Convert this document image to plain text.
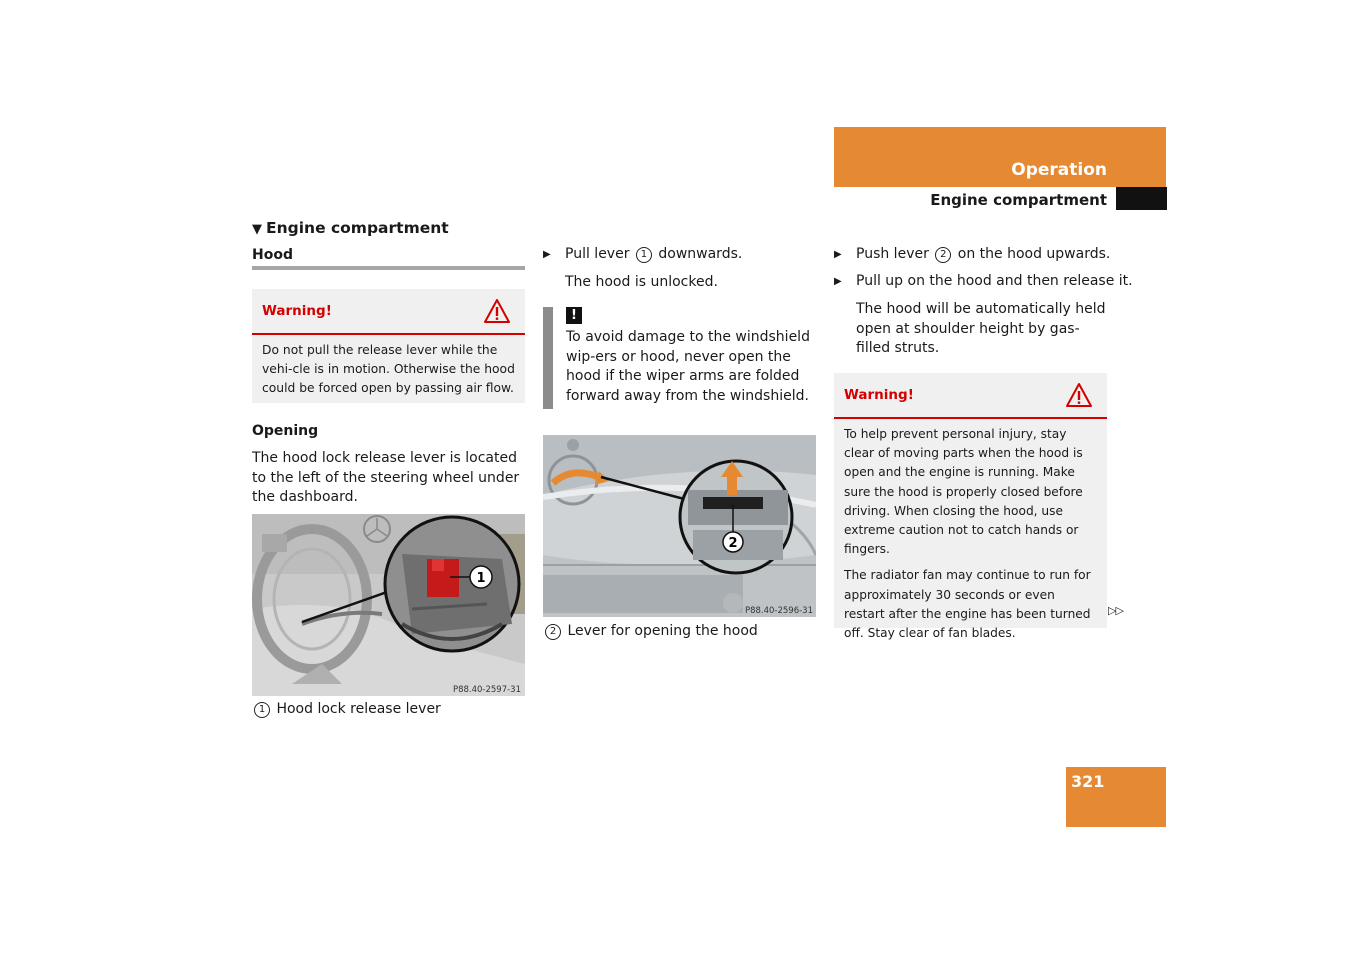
Operation
Engine compartment
▼ Engine compartment
Hood
Warning!
Do not pull the release lever while the vehi-cle is in motion. Otherwise the hood could be forced open by passing air flow.
Opening
The hood lock release lever is located to the left of the steering wheel under the dashboard.
1
P88.40-2597-31
1 Hood lock release lever
▶ Pull lever 1 downwards.
The hood is unlocked.
!
To avoid damage to the windshield wip-ers or hood, never open the hood if the wiper arms are folded forward away from the windshield.
2
P88.40-2596-31
2 Lever for opening the hood
▶ Push lever 2 on the hood upwards.
▶ Pull up on the hood and then release it.
The hood will be automatically held open at shoulder height by gas-filled struts.
Warning!

To help prevent personal injury, stay clear of moving parts when the hood is open and the engine is running. Make sure the hood is properly closed before driving. When closing the hood, use extreme caution not to catch hands or fingers.

The radiator fan may continue to run for approximately 30 seconds or even restart after the engine has been turned off. Stay clear of fan blades.

▷▷
321
